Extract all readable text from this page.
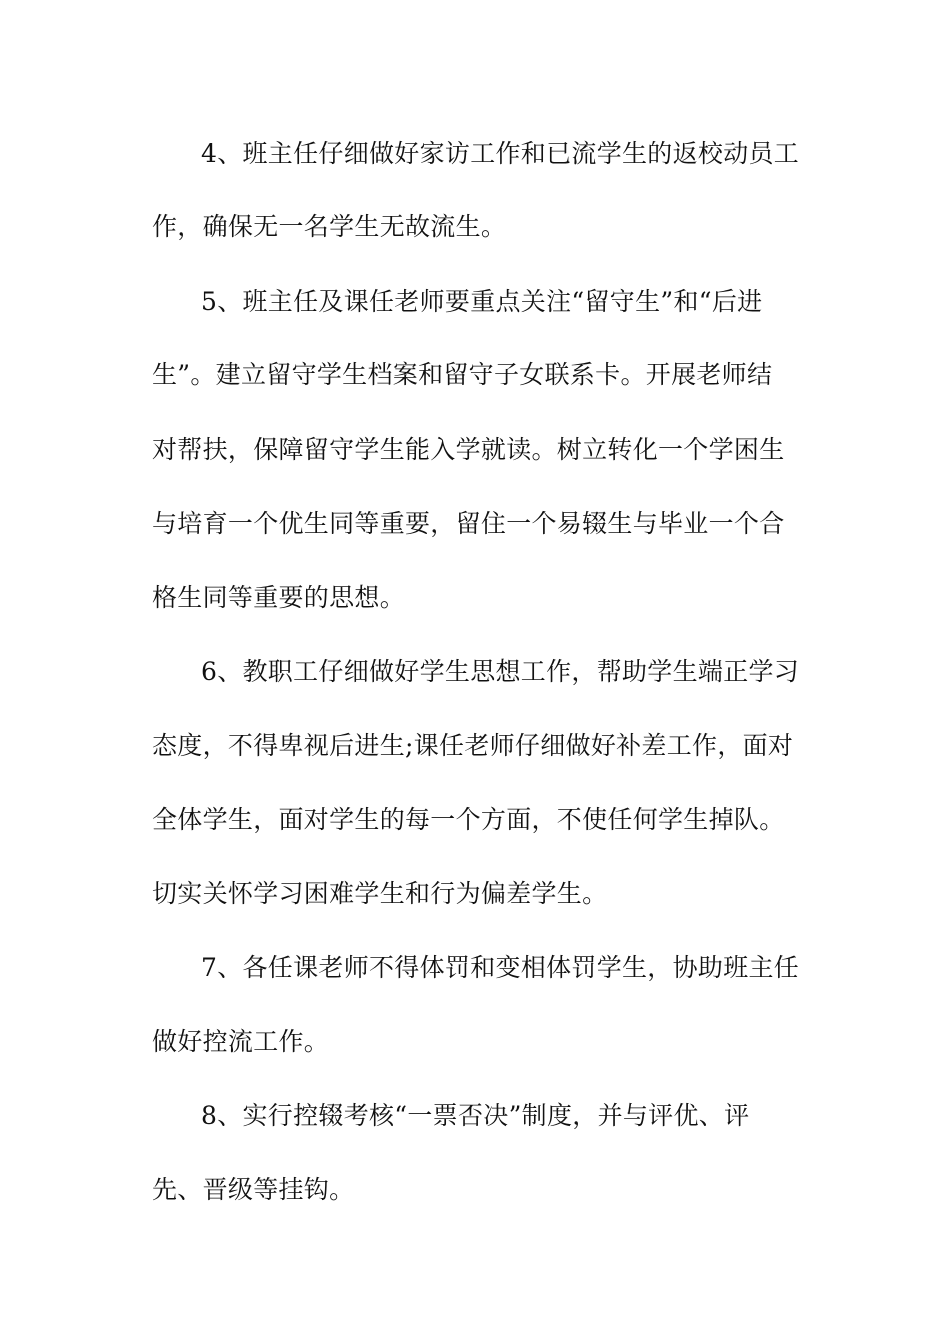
4、班主任仔细做好家访工作和已流学生的返校动员工
作，确保无一名学生无故流生。
5、班主任及课任老师要重点关注“留守生”和“后进
生”。建立留守学生档案和留守子女联系卡。开展老师结
对帮扶，保障留守学生能入学就读。树立转化一个学困生
与培育一个优生同等重要，留住一个易辍生与毕业一个合
格生同等重要的思想。
6、教职工仔细做好学生思想工作，帮助学生端正学习
态度，不得卑视后进生;课任老师仔细做好补差工作，面对
全体学生，面对学生的每一个方面，不使任何学生掉队。
切实关怀学习困难学生和行为偏差学生。
7、各任课老师不得体罚和变相体罚学生，协助班主任
做好控流工作。
8、实行控辍考核“一票否决”制度，并与评优、评
先、晋级等挂钩。
